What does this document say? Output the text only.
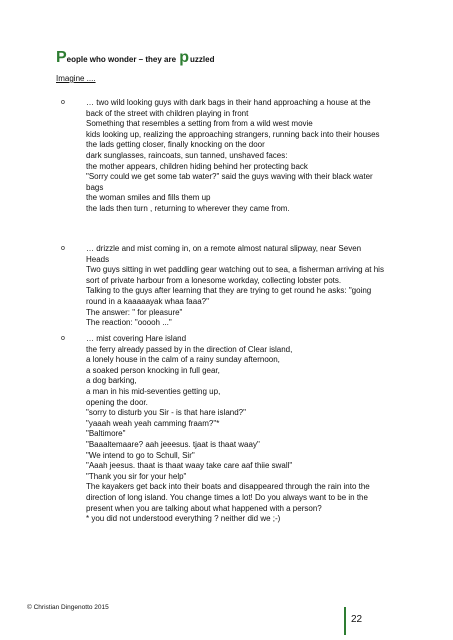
People who wonder – they are puzzled
Imagine ....
o	… two wild looking guys with dark bags in their hand approaching a house at the
back of the street with children playing in front
Something that resembles a setting from from a wild west movie
kids looking up, realizing the approaching strangers, running back into their houses
the lads getting closer, finally knocking on the door
dark sunglasses, raincoats, sun tanned, unshaved faces:
the mother appears, children hiding behind her protecting back
"Sorry could we get some tab water?" said the guys waving with their black water
bags
the woman smiles and fills them up
the lads then turn , returning to wherever they came from.
o	… drizzle and mist coming in, on a remote almost natural slipway, near Seven
Heads
Two guys sitting in wet paddling gear watching out to sea, a fisherman arriving at his
sort of private harbour from a lonesome workday, collecting lobster pots.
Talking to the guys after learning that they are trying to get round he asks: "going
round in a kaaaaayak whaa faaa?"
The answer: " for pleasure"
The reaction: "ooooh ..."
o	… mist covering Hare island
the ferry already passed by in the direction of Clear island,
a lonely house in the calm of a rainy sunday afternoon,
a soaked person knocking in full gear,
a dog barking,
a man in his mid-seventies getting up,
opening the door.
"sorry to disturb you Sir - is that hare island?"
"yaaah weah yeah camming fraam?"*
"Baltimore"
"Baaaltemaare? aah jeeesus. tjaat is thaat waay"
"We intend to go to Schull, Sir"
"Aaah jeesus. thaat is thaat waay take care aaf thiie swall"
"Thank you sir for your help"
The kayakers get back into their boats and disappeared through the rain into the
direction of long island. You change times a lot! Do you always want to be in the
present when you are talking about what happened with a person?
* you did not understood everything ? neither did we ;-)
© Christian Dingenotto 2015
22
